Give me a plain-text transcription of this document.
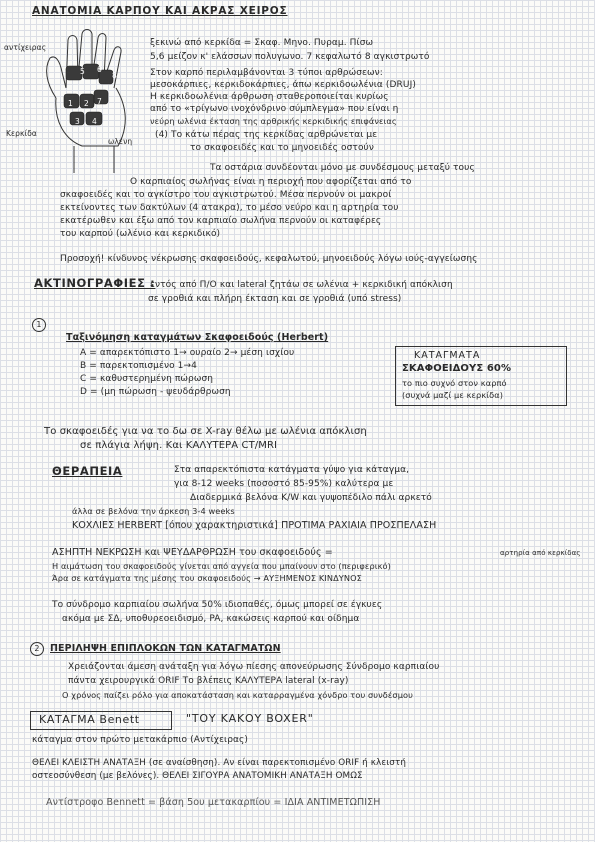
ΑΝΑΤΟΜΙΑ ΚΑΡΠΟΥ ΚΑΙ ΑΚΡΑΣ ΧΕΙΡΟΣ
5 6
8
1 2 7
3 4
αντίχειρας
Κερκίδα
ωλένη
ξεκινώ από κερκίδα = Σκαφ. Μηνο. Πυραμ. Πίσω
5,6 μείζον κ' ελάσσων πολυγωνο. 7 κεφαλωτό 8 αγκιστρωτό
Στον καρπό περιλαμβάνονται 3 τύποι αρθρώσεων:
μεσοκάρπιες, κερκιδοκάρπιες, άπω κερκιδοωλένια (DRUJ)
Η κερκιδοωλένια άρθρωση σταθεροποιείται κυρίως
από το «τρίγωνο ινοχόνδρινο σύμπλεγμα» που είναι η
νεύρη ωλένια έκταση της αρθρικής κερκιδικής επιφάνειας
(4) Το κάτω πέρας της κερκίδας αρθρώνεται με
το σκαφοειδές και το μηνοειδές οστούν
Τα οστάρια συνδέονται μόνο με συνδέσμους μεταξύ τους
Ο καρπιαίος σωλήνας είναι η περιοχή που αφορίζεται από το
σκαφοειδές και το αγκίστρο του αγκιστρωτού. Μέσα περνούν οι μακροί
εκτείνοντες των δακτύλων (4 ατακρα), το μέσο νεύρο και η αρτηρία του
εκατέρωθεν και έξω από τον καρπιαίο σωλήνα περνούν οι καταφέρες
του καρπού (ωλένιο και κερκιδικό)
Προσοχή! κίνδυνος νέκρωσης σκαφοειδούς, κεφαλωτού, μηνοειδούς λόγω ιούς-αγγείωσης
ΑΚΤΙΝΟΓΡΑΦΙΕΣ :
εντός από Π/Ο και lateral ζητάω σε ωλένια + κερκιδική απόκλιση
σε γροθιά και πλήρη έκταση και σε γροθιά (υπό stress)
1
Ταξινόμηση καταγμάτων Σκαφοειδούς (Herbert)
A = απαρεκτόπιστο 1→ ουραίο 2→ μέση ισχίου
B = παρεκτοπισμένο 1→4
C = καθυστερημένη πώρωση
D = (μη πώρωση - ψευδάρθρωση
ΚΑΤΑΓΜΑΤΑ
ΣΚΑΦΟΕΙΔΟΥΣ 60%
το πιο συχνό στον καρπό
(συχνά μαζί με κερκίδα)
Το σκαφοειδές για να το δω σε X-ray θέλω με ωλένια απόκλιση
σε πλάγια λήψη. Και ΚΑΛΥΤΕΡΑ CT/MRI
ΘΕΡΑΠΕΙΑ	Στα απαρεκτόπιστα κατάγματα γύψο για κάταγμα,
για 8-12 weeks (ποσοστό 85-95%) καλύτερα με
Διαδερμικά βελόνα K/W και γυψοπέδιλο πάλι αρκετό
άλλα σε βελόνα την άρκεση 3-4 weeks
ΚΟΧΛΙΕΣ HERBERT [όπου χαρακτηριστικά] ΠΡΟΤΙΜΑ ΡΑΧΙΑΙΑ ΠΡΟΣΠΕΛΑΣΗ
ΑΣΗΠΤΗ ΝΕΚΡΩΣΗ και ΨΕΥΔΑΡΘΡΩΣΗ του σκαφοειδούς =
Η αιμάτωση του σκαφοειδούς γίνεται από αγγεία που μπαίνουν στο (περιφερικό)
Άρα σε κατάγματα της μέσης του σκαφοειδούς → ΑΥΞΗΜΕΝΟΣ ΚΙΝΔΥΝΟΣ
αρτηρία από κερκίδας
Το σύνδρομο καρπιαίου σωλήνα 50% ιδιοπαθές, όμως μπορεί σε έγκυες
ακόμα με ΣΔ, υποθυρεοειδισμό, PA, κακώσεις καρπού και οίδημα
2	ΠΕΡΙΛΗΨΗ ΕΠΙΠΛΟΚΩΝ ΤΩΝ ΚΑΤΑΓΜΑΤΩΝ
Χρειάζονται άμεση ανάταξη για λόγω πίεσης απονεύρωσης Σύνδρομο καρπιαίου
πάντα χειρουργικά ORIF Το βλέπεις ΚΑΛΥΤΕΡΑ lateral (x-ray)
Ο χρόνος παίζει ρόλο για αποκατάσταση και καταρραγμένα χόνδρο του συνδέσμου
ΚΑΤΑΓΜΑ Benett	"ΤΟΥ ΚΑΚΟΥ BOXER"
κάταγμα στον πρώτο μετακάρπιο (Αντίχειρας)
ΘΕΛΕΙ ΚΛΕΙΣΤΗ ΑΝΑΤΑΞΗ (σε αναίσθηση). Αν είναι παρεκτοπισμένο ORIF ή κλειστή
οστεοσύνθεση (με βελόνες). ΘΕΛΕΙ ΣΙΓΟΥΡΑ ΑΝΑΤΟΜΙΚΗ ΑΝΑΤΑΞΗ ΟΜΩΣ
Αντίστροφο Bennett = βάση 5ου μετακαρπίου = ΙΔΙΑ ΑΝΤΙΜΕΤΩΠΙΣΗ
